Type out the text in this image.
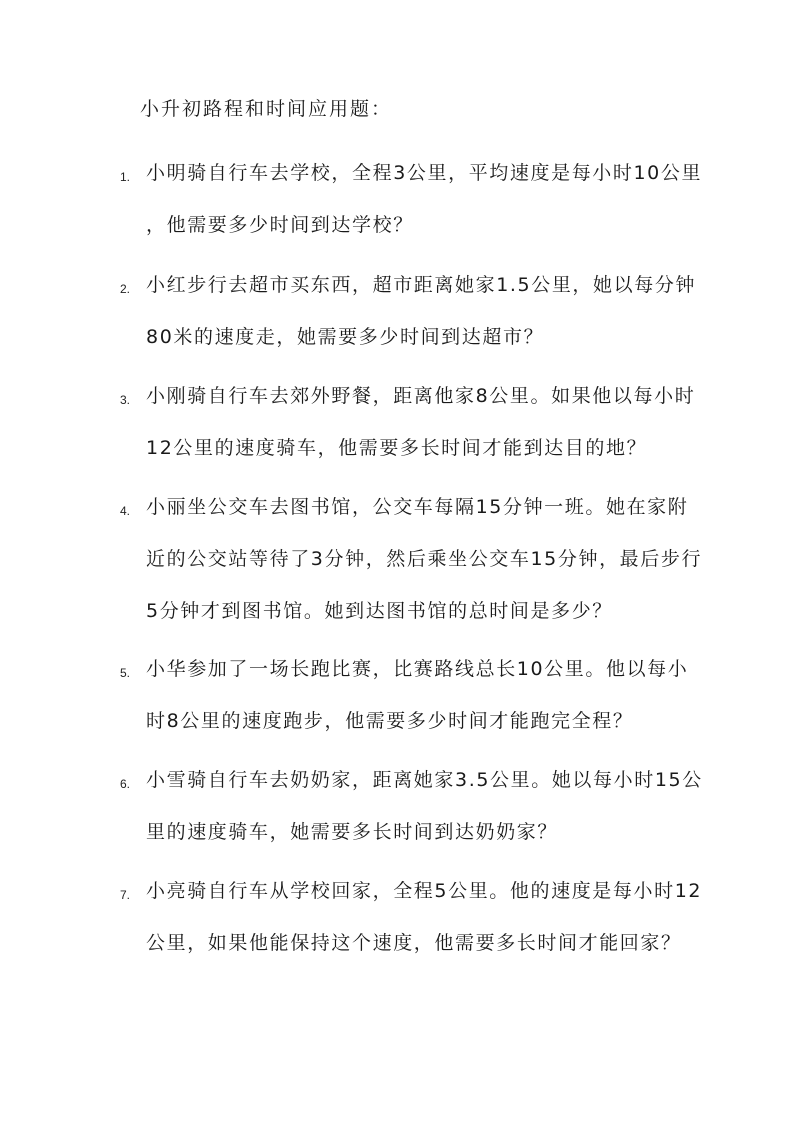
小升初路程和时间应用题：
1. 小明骑自行车去学校，全程3公里，平均速度是每小时10公里
，他需要多少时间到达学校？
2. 小红步行去超市买东西，超市距离她家1.5公里，她以每分钟
80米的速度走，她需要多少时间到达超市？
3. 小刚骑自行车去郊外野餐，距离他家8公里。如果他以每小时
12公里的速度骑车，他需要多长时间才能到达目的地？
4. 小丽坐公交车去图书馆，公交车每隔15分钟一班。她在家附
近的公交站等待了3分钟，然后乘坐公交车15分钟，最后步行
5分钟才到图书馆。她到达图书馆的总时间是多少？
5. 小华参加了一场长跑比赛，比赛路线总长10公里。他以每小
时8公里的速度跑步，他需要多少时间才能跑完全程？
6. 小雪骑自行车去奶奶家，距离她家3.5公里。她以每小时15公
里的速度骑车，她需要多长时间到达奶奶家？
7. 小亮骑自行车从学校回家，全程5公里。他的速度是每小时12
公里，如果他能保持这个速度，他需要多长时间才能回家？
